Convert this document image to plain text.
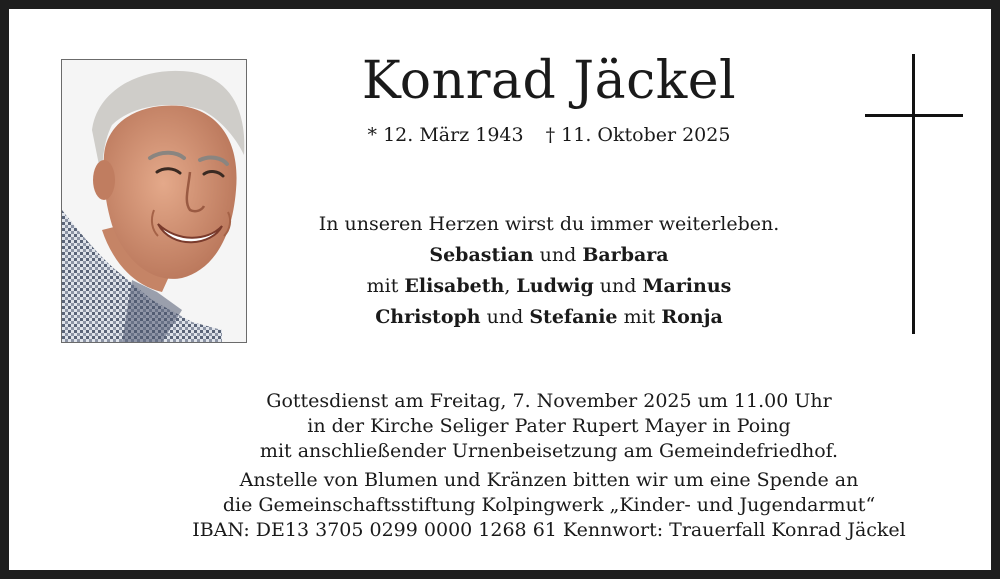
Konrad Jäckel
* 12. März 1943 † 11. Oktober 2025
In unseren Herzen wirst du immer weiterleben.
Sebastian und Barbara
mit Elisabeth, Ludwig und Marinus
Christoph und Stefanie mit Ronja
Gottesdienst am Freitag, 7. November 2025 um 11.00 Uhr
in der Kirche Seliger Pater Rupert Mayer in Poing
mit anschließender Urnenbeisetzung am Gemeindefriedhof.
Anstelle von Blumen und Kränzen bitten wir um eine Spende an
die Gemeinschaftsstiftung Kolpingwerk „Kinder- und Jugendarmut“
IBAN: DE13 3705 0299 0000 1268 61 Kennwort: Trauerfall Konrad Jäckel
